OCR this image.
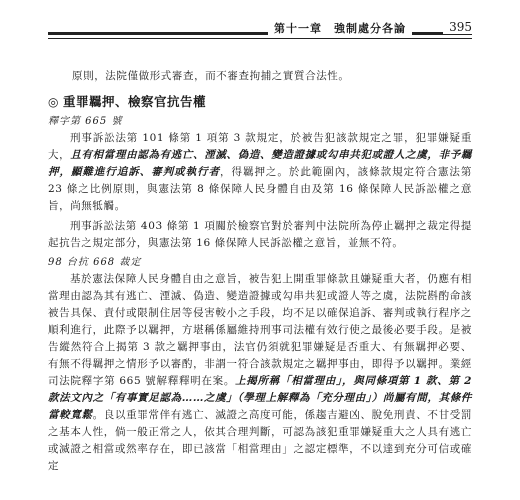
第十一章　強制處分各論	395

原則，法院僅做形式審查，而不審查拘捕之實質合法性。

◎ 重罪羈押、檢察官抗告權
釋字第 665 號

刑事訴訟法第 101 條第 1 項第 3 款規定，於被告犯該款規定之罪，犯罪嫌疑重大，且有相當理由認為有逃亡、湮滅、偽造、變造證據或勾串共犯或證人之虞，非予羈押，顯難進行追訴、審判或執行者，得羈押之。於此範圍內，該條款規定符合憲法第 23 條之比例原則，與憲法第 8 條保障人民身體自由及第 16 條保障人民訴訟權之意旨，尚無牴觸。

刑事訴訟法第 403 條第 1 項關於檢察官對於審判中法院所為停止羈押之裁定得提起抗告之規定部分，與憲法第 16 條保障人民訴訟權之意旨，並無不符。

98 台抗 668 裁定

基於憲法保障人民身體自由之意旨，被告犯上開重罪條款且嫌疑重大者，仍應有相當理由認為其有逃亡、湮滅、偽造、變造證據或勾串共犯或證人等之虞，法院斟酌命該被告具保、責付或限制住居等侵害較小之手段，均不足以確保追訴、審判或執行程序之順利進行，此際予以羈押，方堪稱係屬維持刑事司法權有效行使之最後必要手段。是被告縱然符合上揭第 3 款之羈押事由，法官仍須就犯罪嫌疑是否重大、有無羈押必要、有無不得羈押之情形予以審酌，非謂一符合該款規定之羈押事由，即得予以羈押。業經司法院釋字第 665 號解釋釋明在案。上揭所稱「相當理由」，與同條項第 1 款、第 2 款法文內之「有事實足認為……之虞」（學理上解釋為「充分理由」）尚屬有間，其條件當較寬鬆。良以重罪常伴有逃亡、滅證之高度可能，係趨吉避凶、脫免刑責、不甘受罰之基本人性，倘一般正常之人，依其合理判斷，可認為該犯重罪嫌疑重大之人具有逃亡或滅證之相當或然率存在，即已該當「相當理由」之認定標準，不以達到充分可信或確定
